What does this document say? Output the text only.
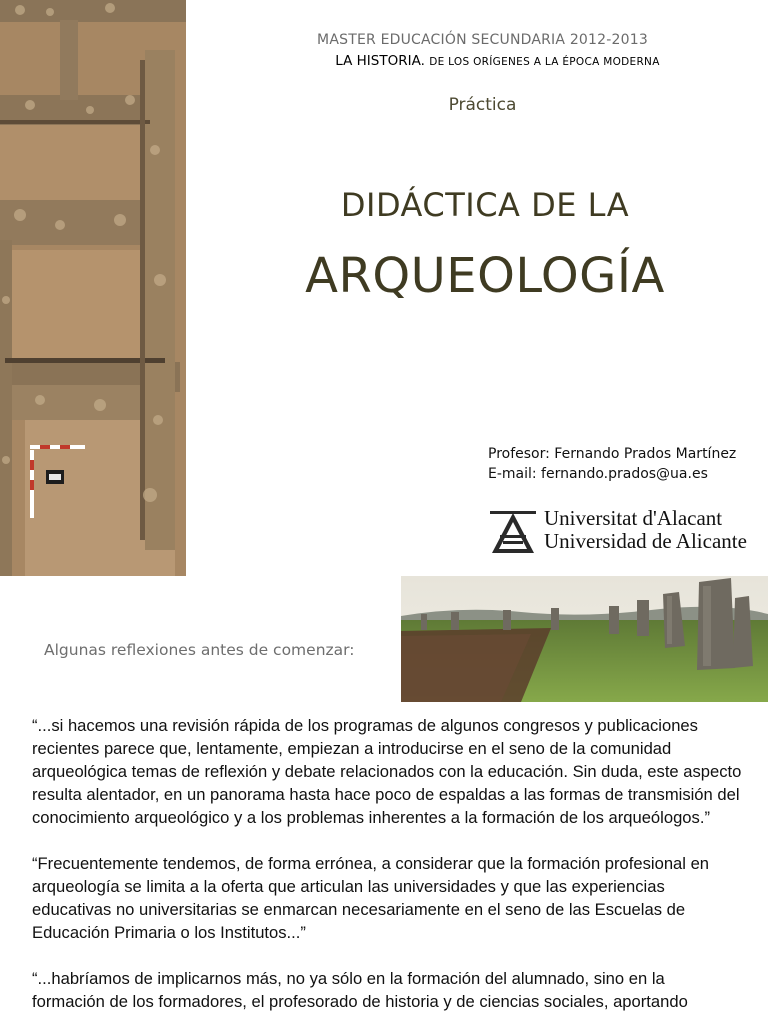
MASTER EDUCACIÓN SECUNDARIA 2012-2013
LA HISTORIA. DE LOS ORÍGENES A LA ÉPOCA MODERNA
Práctica
DIDÁCTICA DE LA
ARQUEOLOGÍA
Profesor: Fernando Prados Martínez
E-mail: fernando.prados@ua.es
Universitat d'Alacant
Universidad de Alicante
Algunas reflexiones antes de comenzar:

“...si hacemos una revisión rápida de los programas de algunos congresos y publicaciones recientes parece que, lentamente, empiezan a introducirse en el seno de la comunidad arqueológica temas de reflexión y debate relacionados con la educación. Sin duda, este aspecto resulta alentador, en un panorama hasta hace poco de espaldas a las formas de transmisión del conocimiento arqueológico y a los problemas inherentes a la formación de los arqueólogos.”

“Frecuentemente tendemos, de forma errónea, a considerar que la formación profesional en arqueología se limita a la oferta que articulan las universidades y que las experiencias educativas no universitarias se enmarcan necesariamente en el seno de las Escuelas de Educación Primaria o los Institutos...”

“...habríamos de implicarnos más, no ya sólo en la formación del alumnado, sino en la formación de los formadores, el profesorado de historia y de ciencias sociales, aportando
